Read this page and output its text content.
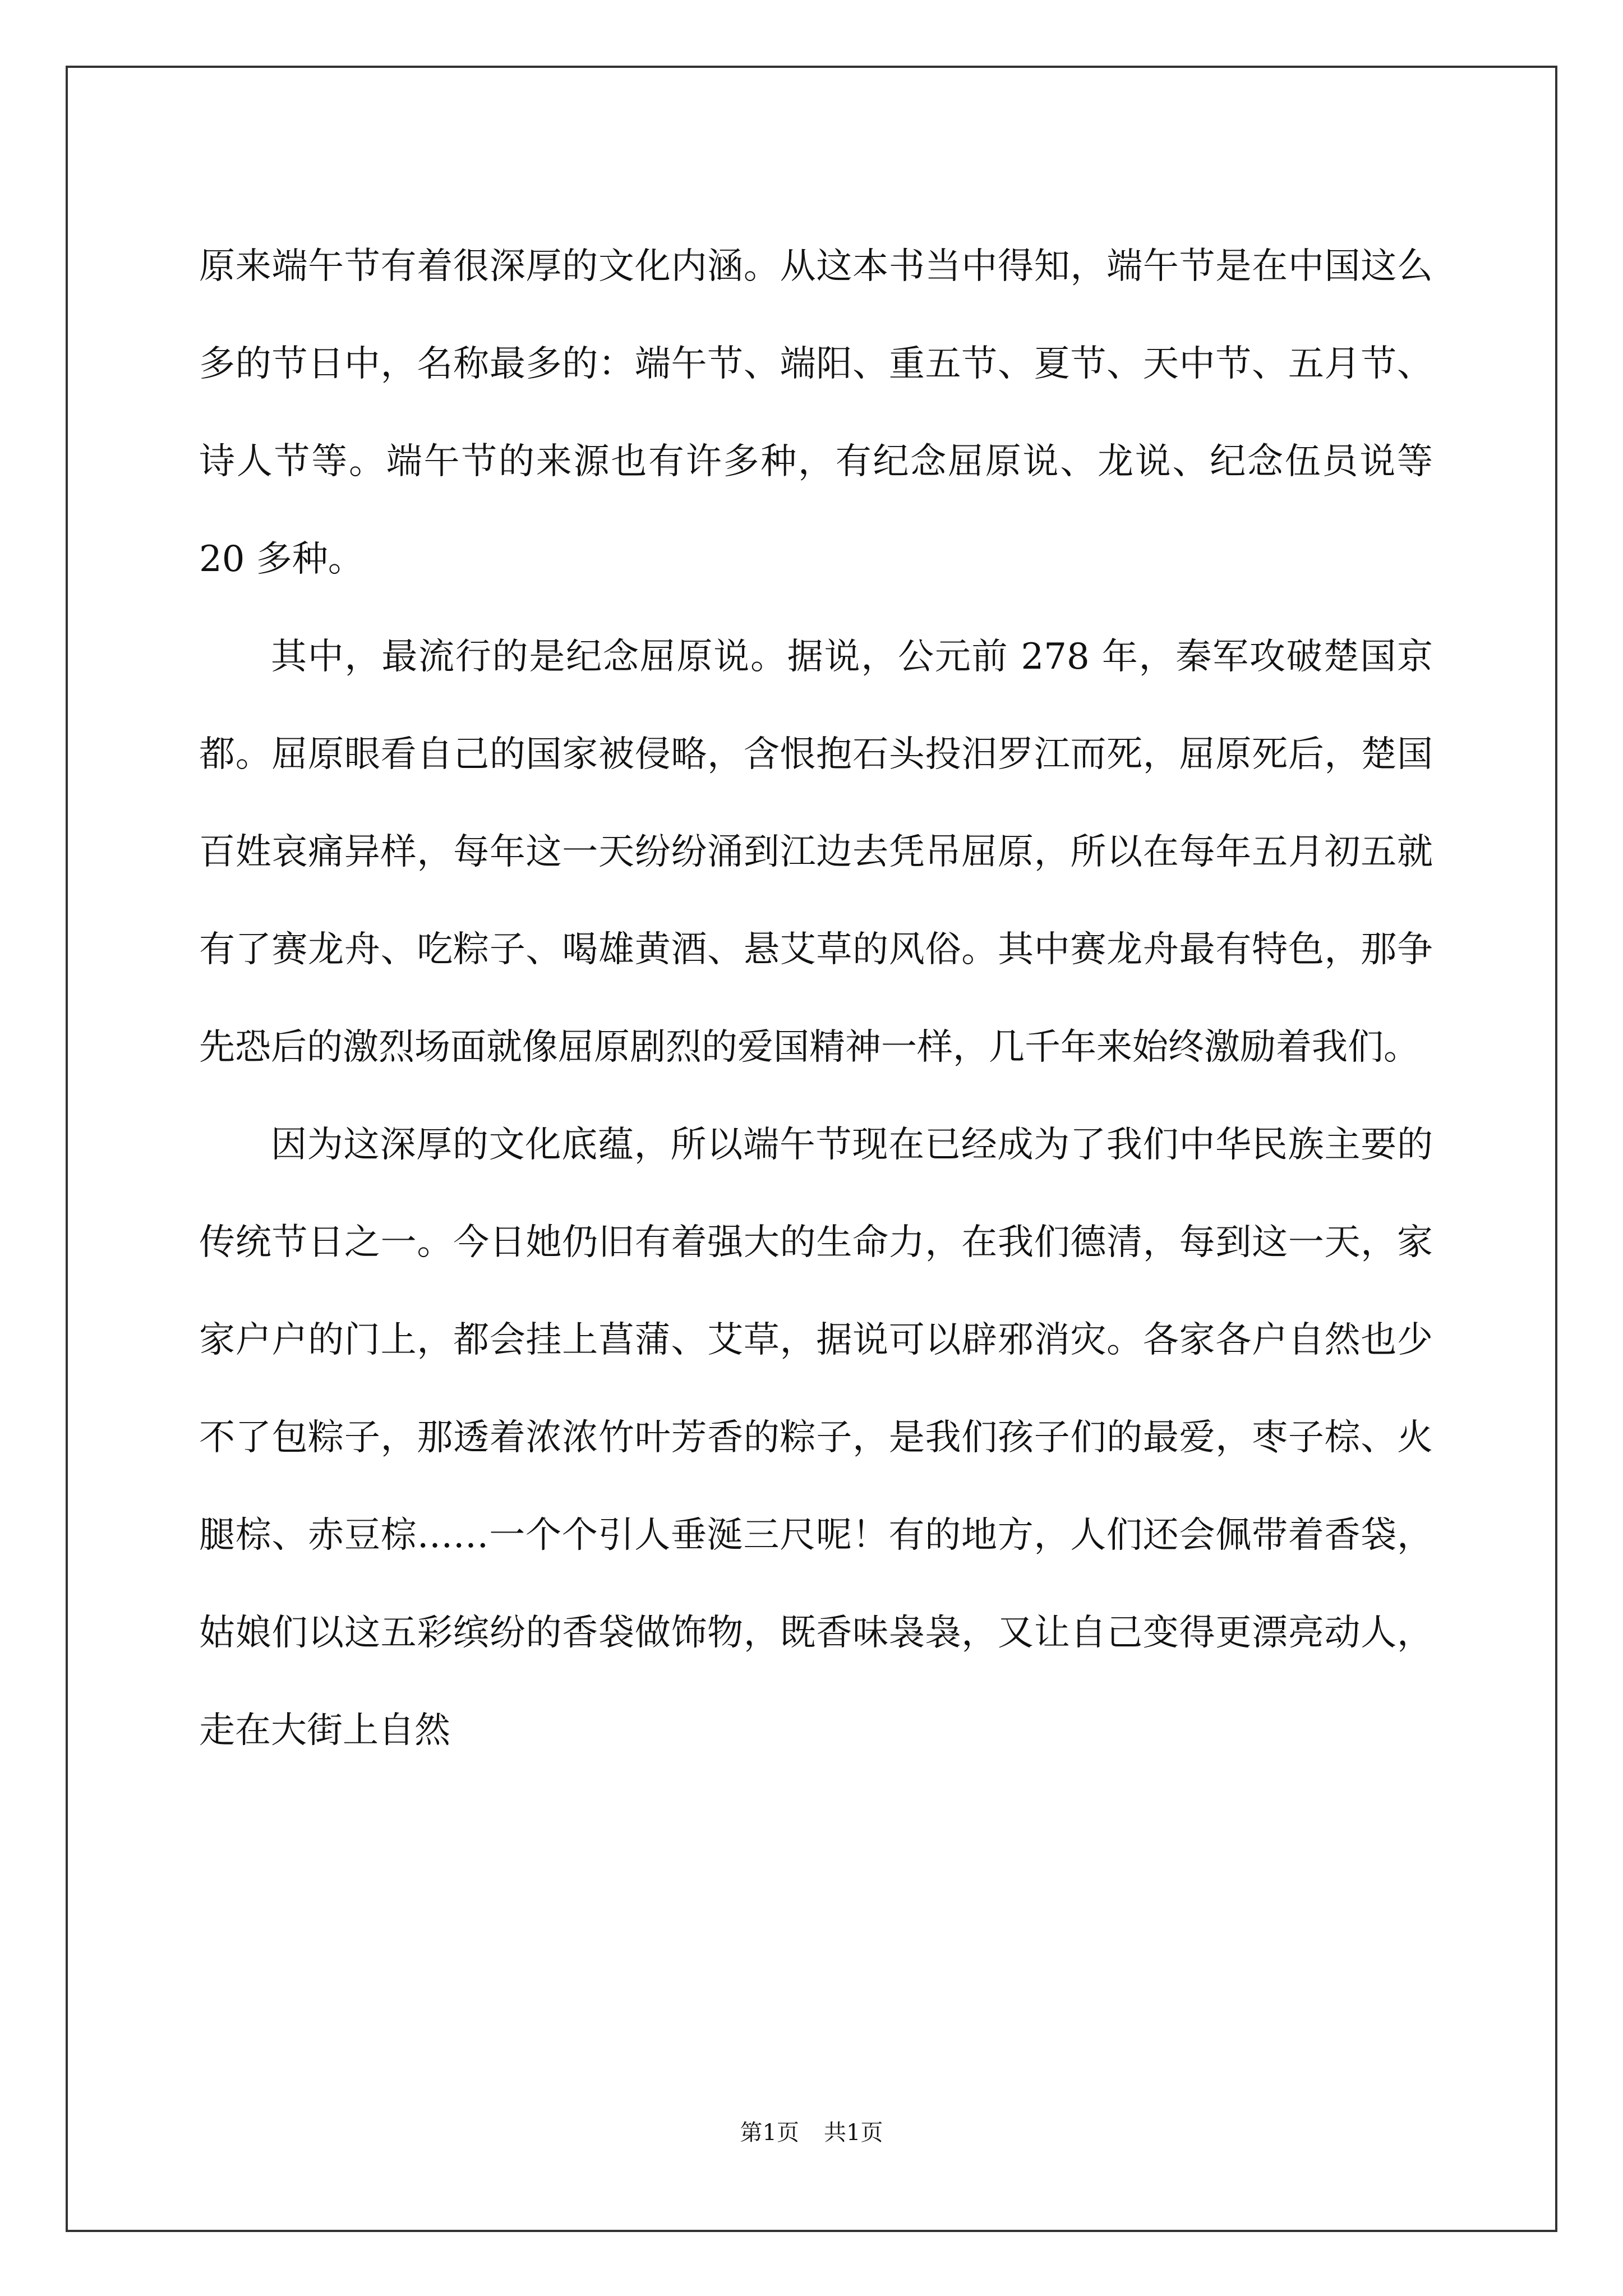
原来端午节有着很深厚的文化内涵。从这本书当中得知，端午节是在中国这么多的节日中，名称最多的：端午节、端阳、重五节、夏节、天中节、五月节、诗人节等。端午节的来源也有许多种，有纪念屈原说、龙说、纪念伍员说等 20 多种。

其中，最流行的是纪念屈原说。据说，公元前 278 年，秦军攻破楚国京都。屈原眼看自己的国家被侵略，含恨抱石头投汨罗江而死，屈原死后，楚国百姓哀痛异样，每年这一天纷纷涌到江边去凭吊屈原，所以在每年五月初五就有了赛龙舟、吃粽子、喝雄黄酒、悬艾草的风俗。其中赛龙舟最有特色，那争先恐后的激烈场面就像屈原剧烈的爱国精神一样，几千年来始终激励着我们。

因为这深厚的文化底蕴，所以端午节现在已经成为了我们中华民族主要的传统节日之一。今日她仍旧有着强大的生命力，在我们德清，每到这一天，家家户户的门上，都会挂上菖蒲、艾草，据说可以辟邪消灾。各家各户自然也少不了包粽子，那透着浓浓竹叶芳香的粽子，是我们孩子们的最爱，枣子棕、火腿棕、赤豆棕……一个个引人垂涎三尺呢！有的地方，人们还会佩带着香袋，姑娘们以这五彩缤纷的香袋做饰物，既香味袅袅，又让自己变得更漂亮动人，走在大街上自然

第1页 共1页
